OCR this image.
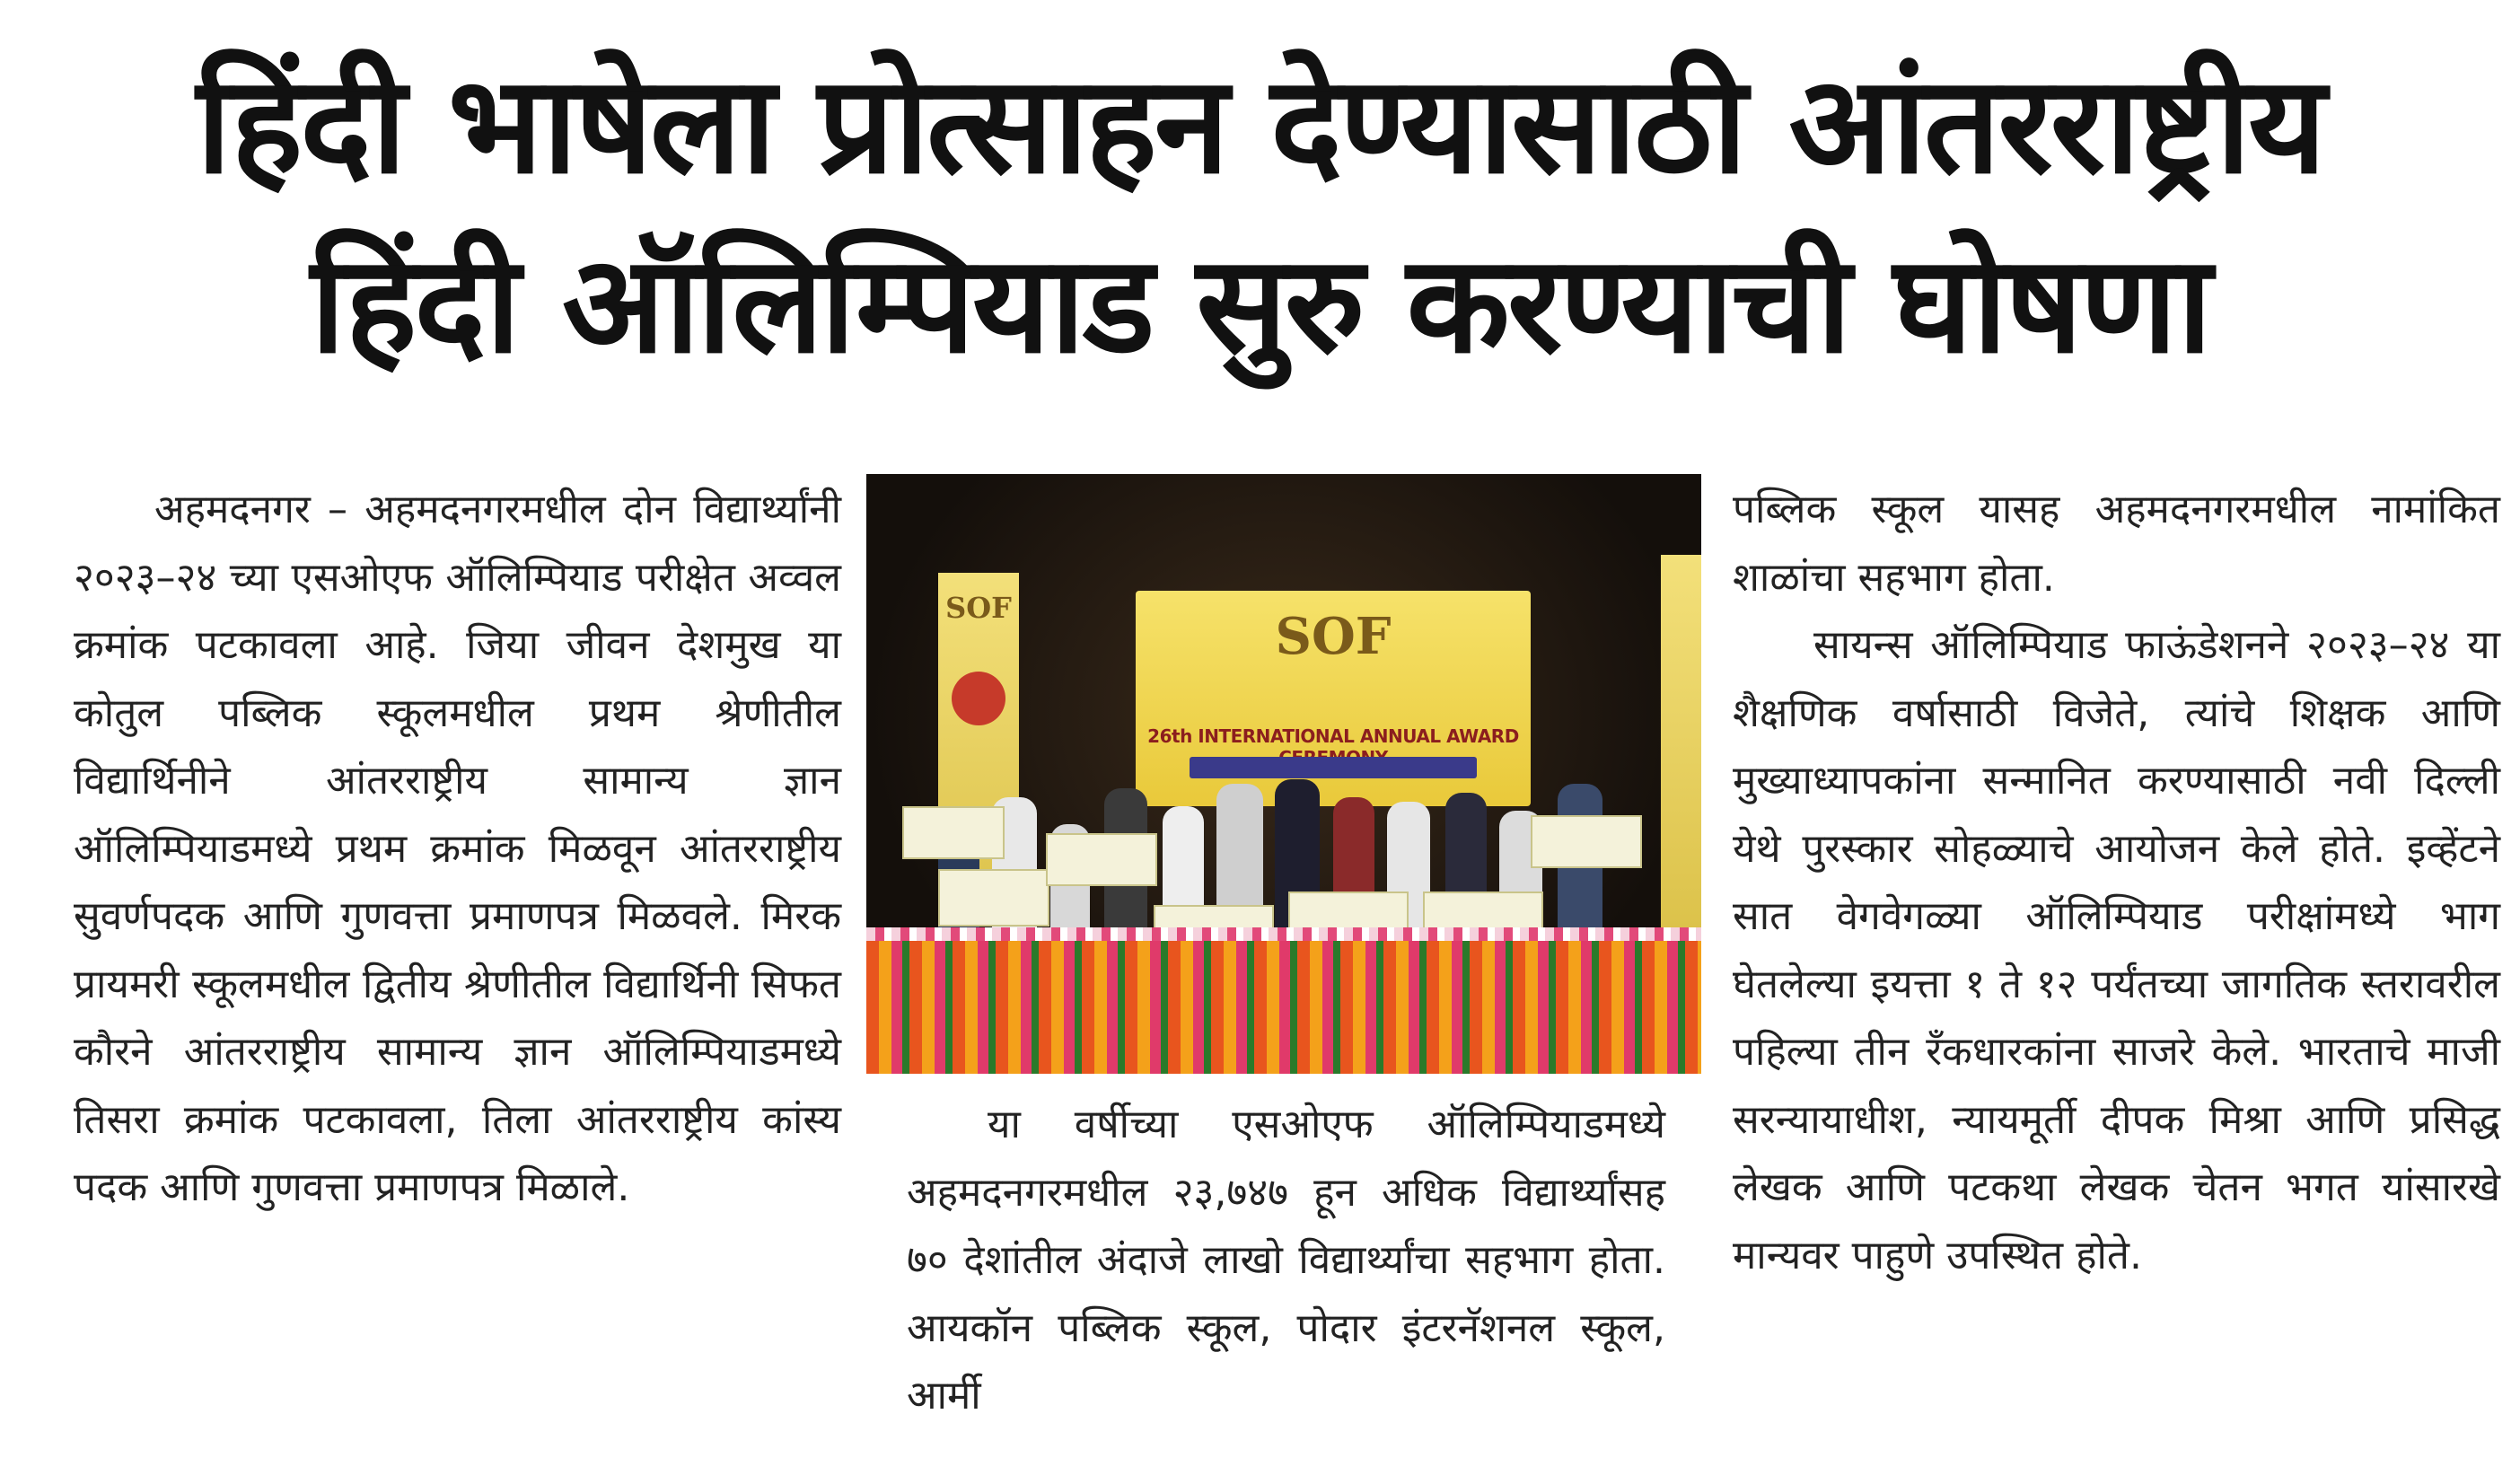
हिंदी भाषेला प्रोत्साहन देण्यासाठी आंतरराष्ट्रीय
हिंदी ऑलिम्पियाड सुरु करण्याची घोषणा

अहमदनगर – अहमदनगरमधील दोन विद्यार्थ्यांनी २०२३–२४ च्या एसओएफ ऑलिम्पियाड परीक्षेत अव्वल क्रमांक पटकावला आहे. जिया जीवन देशमुख या कोतुल पब्लिक स्कूलमधील प्रथम श्रेणीतील विद्यार्थिनीने आंतरराष्ट्रीय सामान्य ज्ञान ऑलिम्पियाडमध्ये प्रथम क्रमांक मिळवून आंतरराष्ट्रीय सुवर्णपदक आणि गुणवत्ता प्रमाणपत्र मिळवले. मिरक प्रायमरी स्कूलमधील द्वितीय श्रेणीतील विद्यार्थिनी सिफत कौरने आंतरराष्ट्रीय सामान्य ज्ञान ऑलिम्पियाडमध्ये तिसरा क्रमांक पटकावला, तिला आंतरराष्ट्रीय कांस्य पदक आणि गुणवत्ता प्रमाणपत्र मिळाले.

SOF	SOF
26th INTERNATIONAL ANNUAL AWARD

या वर्षीच्या एसओएफ ऑलिम्पियाडमध्ये अहमदनगरमधील २३,७४७ हून अधिक विद्यार्थ्यांसह ७० देशांतील अंदाजे लाखो विद्यार्थ्यांचा सहभाग होता. आयकॉन पब्लिक स्कूल, पोदार इंटरनॅशनल स्कूल, आर्मी

पब्लिक स्कूल यासह अहमदनगरमधील नामांकित शाळांचा सहभाग होता.

सायन्स ऑलिम्पियाड फाऊंडेशनने २०२३–२४ या शैक्षणिक वर्षासाठी विजेते, त्यांचे शिक्षक आणि मुख्याध्यापकांना सन्मानित करण्यासाठी नवी दिल्ली येथे पुरस्कार सोहळ्याचे आयोजन केले होते. इव्हेंटने सात वेगवेगळ्या ऑलिम्पियाड परीक्षांमध्ये भाग घेतलेल्या इयत्ता १ ते १२ पर्यंतच्या जागतिक स्तरावरील पहिल्या तीन रँकधारकांना साजरे केले. भारताचे माजी सरन्यायाधीश, न्यायमूर्ती दीपक मिश्रा आणि प्रसिद्ध लेखक आणि पटकथा लेखक चेतन भगत यांसारखे मान्यवर पाहुणे उपस्थित होते.
